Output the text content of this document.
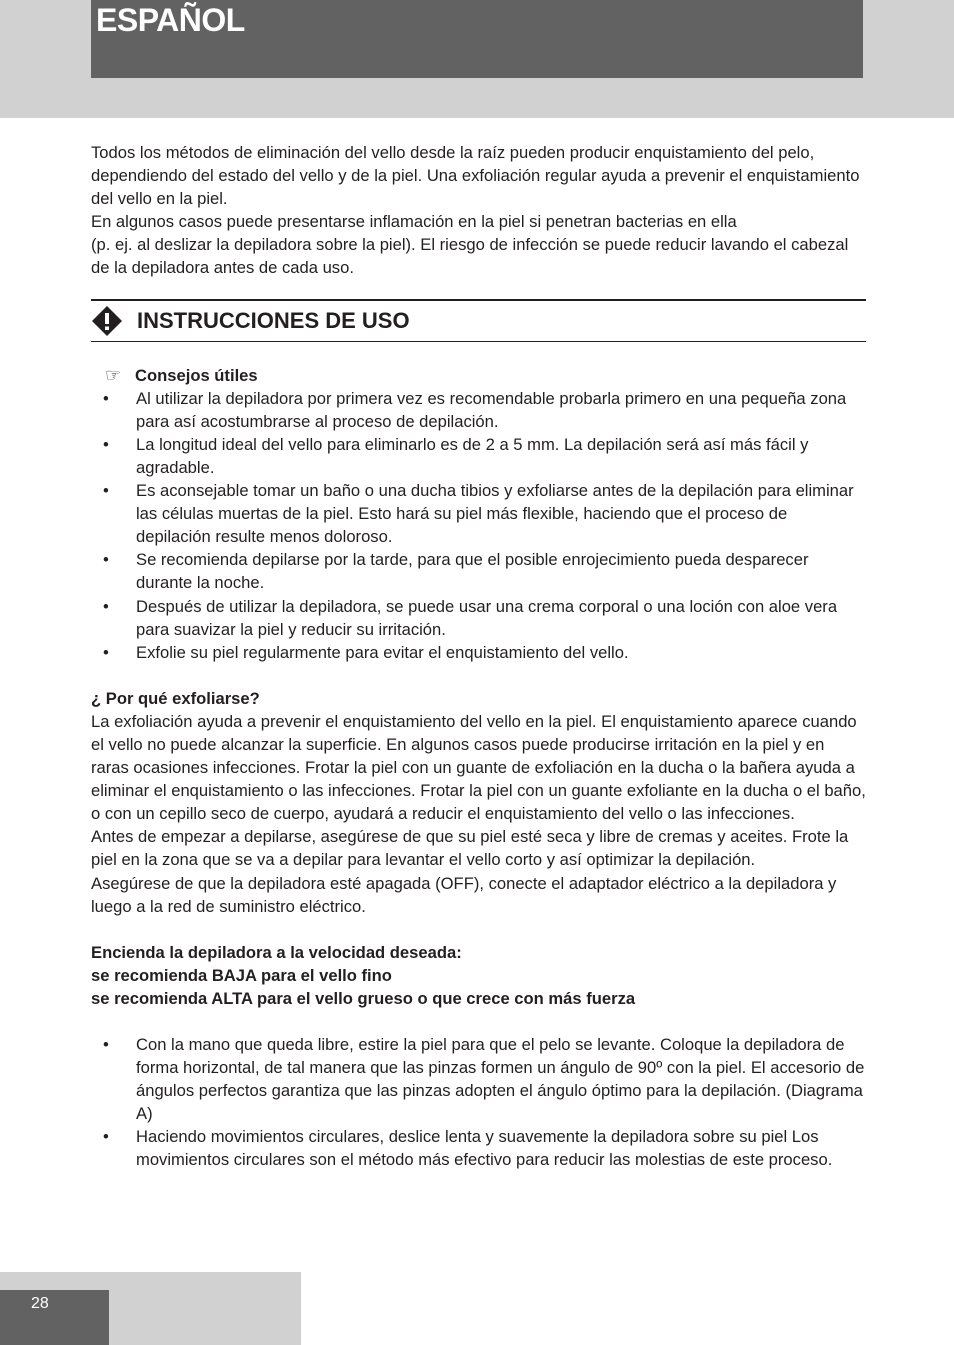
ESPAÑOL

Todos los métodos de eliminación del vello desde la raíz pueden producir enquistamiento del pelo, dependiendo del estado del vello y de la piel. Una exfoliación regular ayuda a prevenir el enquistamiento del vello en la piel.

En algunos casos puede presentarse inflamación en la piel si penetran bacterias en ella

(p. ej. al deslizar la depiladora sobre la piel). El riesgo de infección se puede reducir lavando el cabezal de la depiladora antes de cada uso.

INSTRUCCIONES DE USO
☞ Consejos útiles
• Al utilizar la depiladora por primera vez es recomendable probarla primero en una pequeña zona para así acostumbrarse al proceso de depilación.
• La longitud ideal del vello para eliminarlo es de 2 a 5 mm. La depilación será así más fácil y agradable.
• Es aconsejable tomar un baño o una ducha tibios y exfoliarse antes de la depilación para eliminar las células muertas de la piel. Esto hará su piel más flexible, haciendo que el proceso de depilación resulte menos doloroso.
• Se recomienda depilarse por la tarde, para que el posible enrojecimiento pueda desparecer durante la noche.
• Después de utilizar la depiladora, se puede usar una crema corporal o una loción con aloe vera para suavizar la piel y reducir su irritación.
• Exfolie su piel regularmente para evitar el enquistamiento del vello.

¿ Por qué exfoliarse?

La exfoliación ayuda a prevenir el enquistamiento del vello en la piel. El enquistamiento aparece cuando el vello no puede alcanzar la superficie. En algunos casos puede producirse irritación en la piel y en raras ocasiones infecciones. Frotar la piel con un guante de exfoliación en la ducha o la bañera ayuda a eliminar el enquistamiento o las infecciones. Frotar la piel con un guante exfoliante en la ducha o el baño, o con un cepillo seco de cuerpo, ayudará a reducir el enquistamiento del vello o las infecciones.

Antes de empezar a depilarse, asegúrese de que su piel esté seca y libre de cremas y aceites. Frote la piel en la zona que se va a depilar para levantar el vello corto y así optimizar la depilación.

Asegúrese de que la depiladora esté apagada (OFF), conecte el adaptador eléctrico a la depiladora y luego a la red de suministro eléctrico.

Encienda la depiladora a la velocidad deseada:

se recomienda BAJA para el vello fino

se recomienda ALTA para el vello grueso o que crece con más fuerza

• Con la mano que queda libre, estire la piel para que el pelo se levante. Coloque la depiladora de forma horizontal, de tal manera que las pinzas formen un ángulo de 90º con la piel. El accesorio de ángulos perfectos garantiza que las pinzas adopten el ángulo óptimo para la depilación. (Diagrama A)
• Haciendo movimientos circulares, deslice lenta y suavemente la depiladora sobre su piel Los movimientos circulares son el método más efectivo para reducir las molestias de este proceso.
28
